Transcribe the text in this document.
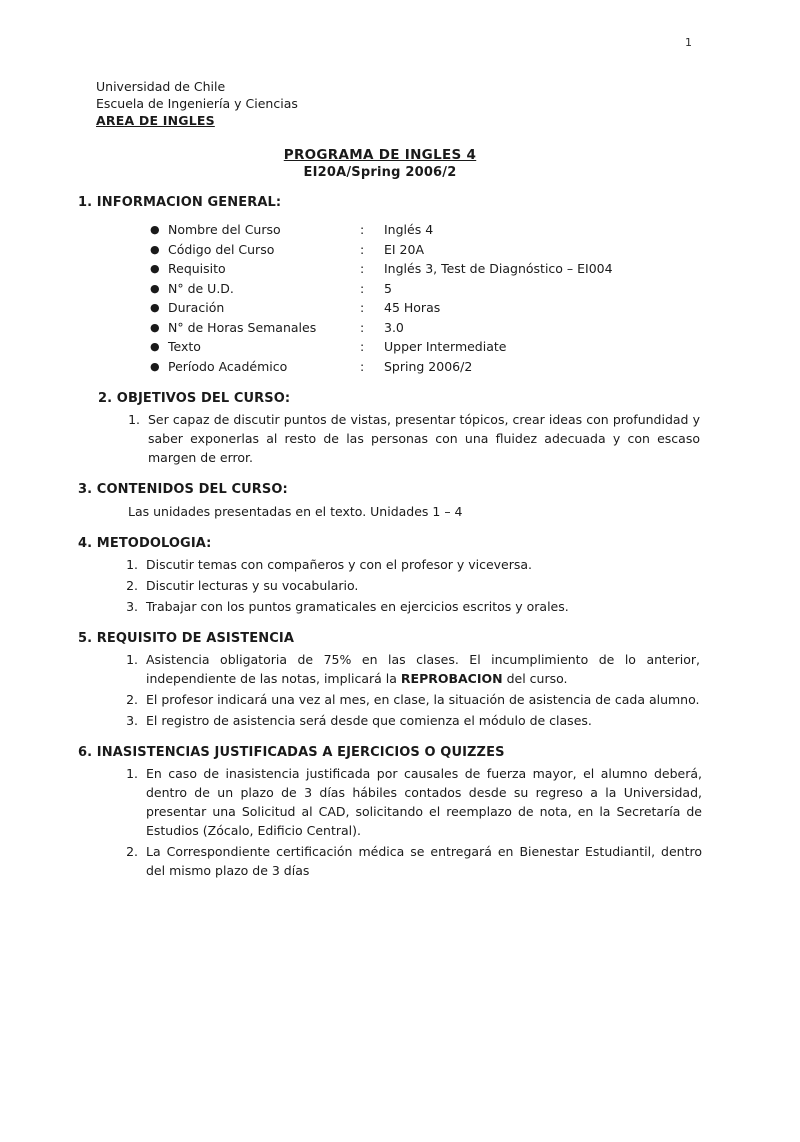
1
Universidad de Chile
Escuela de Ingeniería y Ciencias
AREA DE INGLES
PROGRAMA DE INGLES 4
EI20A/Spring 2006/2
1. INFORMACION GENERAL:
● Nombre del Curso	:	Inglés 4
● Código del Curso	:	EI 20A
● Requisito	:	Inglés 3, Test de Diagnóstico – EI004
● N° de U.D.	:	5
● Duración	:	45 Horas
● N° de Horas Semanales	:	3.0
● Texto	:	Upper Intermediate
● Período Académico	:	Spring 2006/2
2. OBJETIVOS DEL CURSO:
1. Ser capaz de discutir puntos de vistas, presentar tópicos, crear ideas con profundidad y saber exponerlas al resto de las personas con una fluidez adecuada y con escaso margen de error.
3. CONTENIDOS DEL CURSO:
Las unidades presentadas en el texto. Unidades 1 – 4
4. METODOLOGIA:
1. Discutir temas con compañeros y con el profesor y viceversa.
2. Discutir lecturas y su vocabulario.
3. Trabajar con los puntos gramaticales en ejercicios escritos y orales.
5. REQUISITO DE ASISTENCIA
1. Asistencia obligatoria de 75% en las clases. El incumplimiento de lo anterior, independiente de las notas, implicará la REPROBACION del curso.
2. El profesor indicará una vez al mes, en clase, la situación de asistencia de cada alumno.
3. El registro de asistencia será desde que comienza el módulo de clases.
6. INASISTENCIAS JUSTIFICADAS A EJERCICIOS O QUIZZES
1. En caso de inasistencia justificada por causales de fuerza mayor, el alumno deberá, dentro de un plazo de 3 días hábiles contados desde su regreso a la Universidad, presentar una Solicitud al CAD, solicitando el reemplazo de nota, en la Secretaría de Estudios (Zócalo, Edificio Central).
2. La Correspondiente certificación médica se entregará en Bienestar Estudiantil, dentro del mismo plazo de 3 días
